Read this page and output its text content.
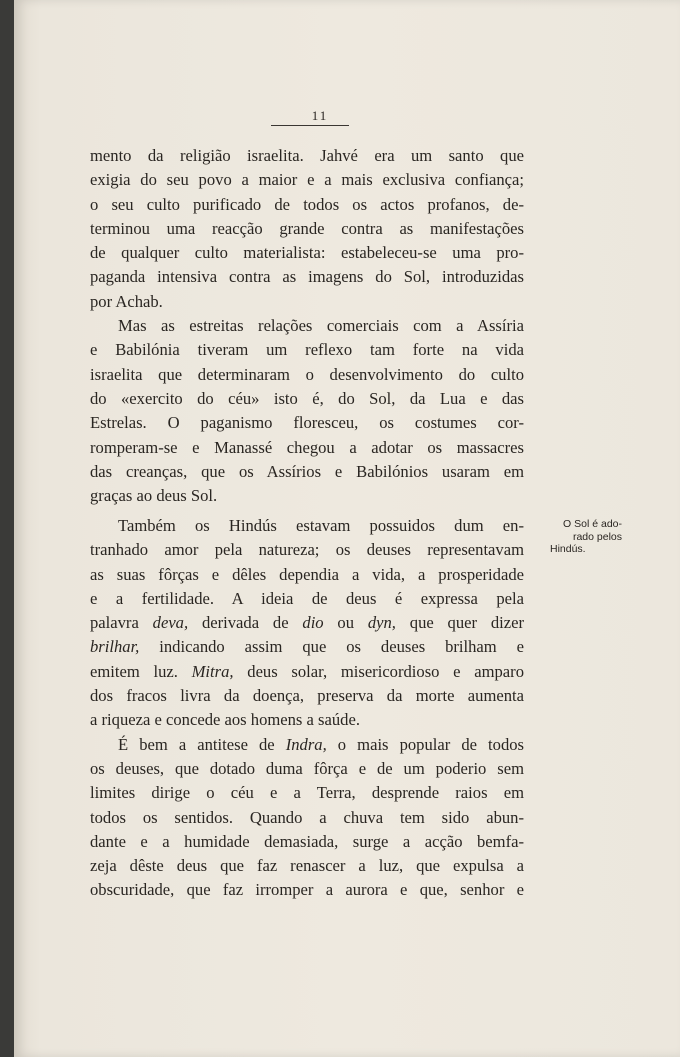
11

mento da religião israelita. Jahvé era um santo que
exigia do seu povo a maior e a mais exclusiva confiança;
o seu culto purificado de todos os actos profanos, de-
terminou uma reacção grande contra as manifestações
de qualquer culto materialista: estabeleceu-se uma pro-
paganda intensiva contra as imagens do Sol, introduzidas
por Achab.

Mas as estreitas relações comerciais com a Assíria
e Babilónia tiveram um reflexo tam forte na vida
israelita que determinaram o desenvolvimento do culto
do «exercito do céu» isto é, do Sol, da Lua e das
Estrelas. O paganismo floresceu, os costumes cor-
romperam-se e Manassé chegou a adotar os massacres
das creanças, que os Assírios e Babilónios usaram em
graças ao deus Sol.

Também os Hindús estavam possuidos dum en-
tranhado amor pela natureza; os deuses representavam
as suas fôrças e dêles dependia a vida, a prosperidade
e a fertilidade. A ideia de deus é expressa pela
palavra deva, derivada de dio ou dyn, que quer dizer
brilhar, indicando assim que os deuses brilham e
emitem luz. Mitra, deus solar, misericordioso e amparo
dos fracos livra da doença, preserva da morte aumenta
a riqueza e concede aos homens a saúde.

É bem a antitese de Indra, o mais popular de todos
os deuses, que dotado duma fôrça e de um poderio sem
limites dirige o céu e a Terra, desprende raios em
todos os sentidos. Quando a chuva tem sido abun-
dante e a humidade demasiada, surge a acção bemfa-
zeja dêste deus que faz renascer a luz, que expulsa a
obscuridade, que faz irromper a aurora e que, senhor e

O Sol é ado-
rado pelos
Hindús.
